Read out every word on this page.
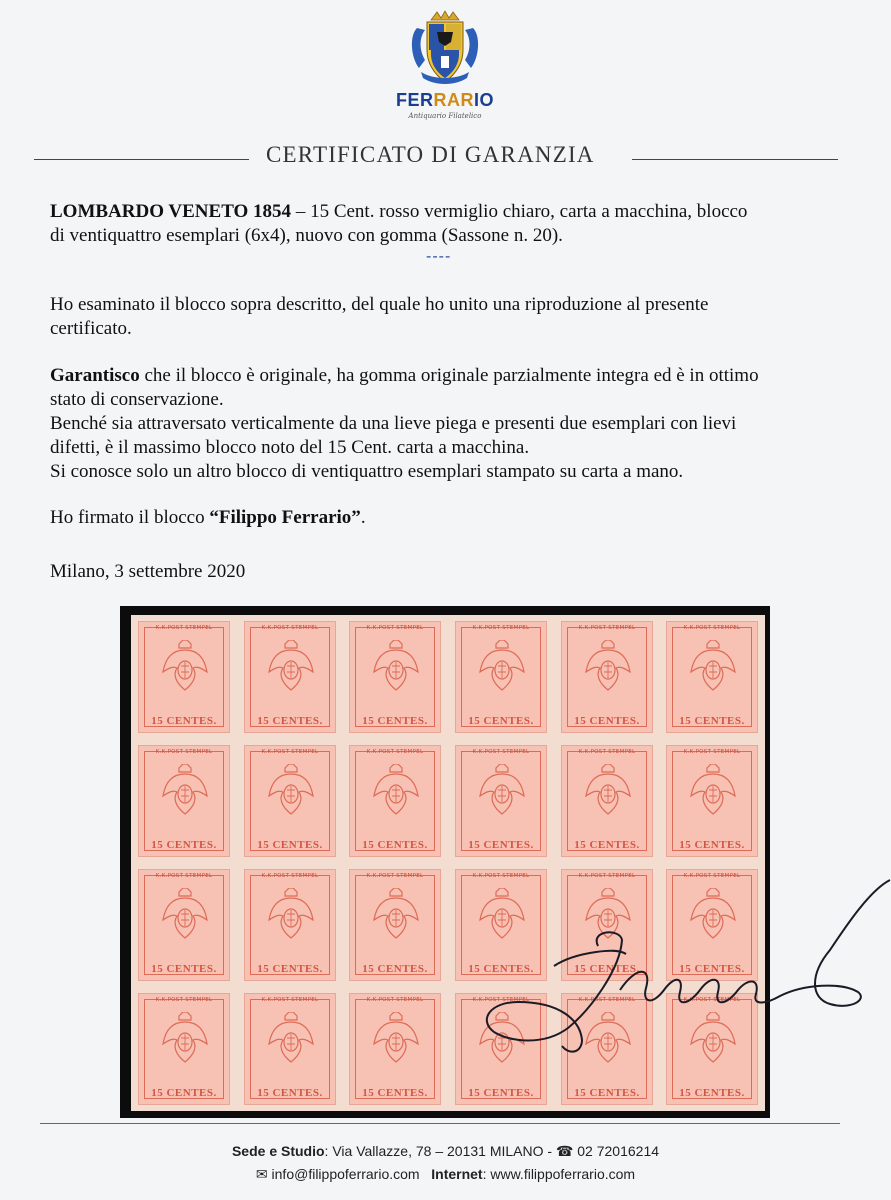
FERRARIO
Antiquario Filatelico
CERTIFICATO DI GARANZIA
LOMBARDO VENETO 1854 – 15 Cent. rosso vermiglio chiaro, carta a macchina, blocco
di ventiquattro esemplari (6x4), nuovo con gomma (Sassone n. 20).
----
Ho esaminato il blocco sopra descritto, del quale ho unito una riproduzione al presente
certificato.
Garantisco che il blocco è originale, ha gomma originale parzialmente integra ed è in ottimo
stato di conservazione.
Benché sia attraversato verticalmente da una lieve piega e presenti due esemplari con lievi
difetti, è il massimo blocco noto del 15 Cent. carta a macchina.
Si conosce solo un altro blocco di ventiquattro esemplari stampato su carta a mano.
Ho firmato il blocco “Filippo Ferrario”.
Milano, 3 settembre 2020
K.K.POST STEMPEL
15 CENTES.
K.K.POST STEMPEL
15 CENTES.
K.K.POST STEMPEL
15 CENTES.
K.K.POST STEMPEL
15 CENTES.
K.K.POST STEMPEL
15 CENTES.
K.K.POST STEMPEL
15 CENTES.
K.K.POST STEMPEL
15 CENTES.
K.K.POST STEMPEL
15 CENTES.
K.K.POST STEMPEL
15 CENTES.
K.K.POST STEMPEL
15 CENTES.
K.K.POST STEMPEL
15 CENTES.
K.K.POST STEMPEL
15 CENTES.
K.K.POST STEMPEL
15 CENTES.
K.K.POST STEMPEL
15 CENTES.
K.K.POST STEMPEL
15 CENTES.
K.K.POST STEMPEL
15 CENTES.
K.K.POST STEMPEL
15 CENTES.
K.K.POST STEMPEL
15 CENTES.
K.K.POST STEMPEL
15 CENTES.
K.K.POST STEMPEL
15 CENTES.
K.K.POST STEMPEL
15 CENTES.
K.K.POST STEMPEL
15 CENTES.
K.K.POST STEMPEL
15 CENTES.
K.K.POST STEMPEL
15 CENTES.
Sede e Studio: Via Vallazze, 78 – 20131 MILANO - ☎ 02 72016214
✉ info@filippoferrario.com Internet: www.filippoferrario.com
